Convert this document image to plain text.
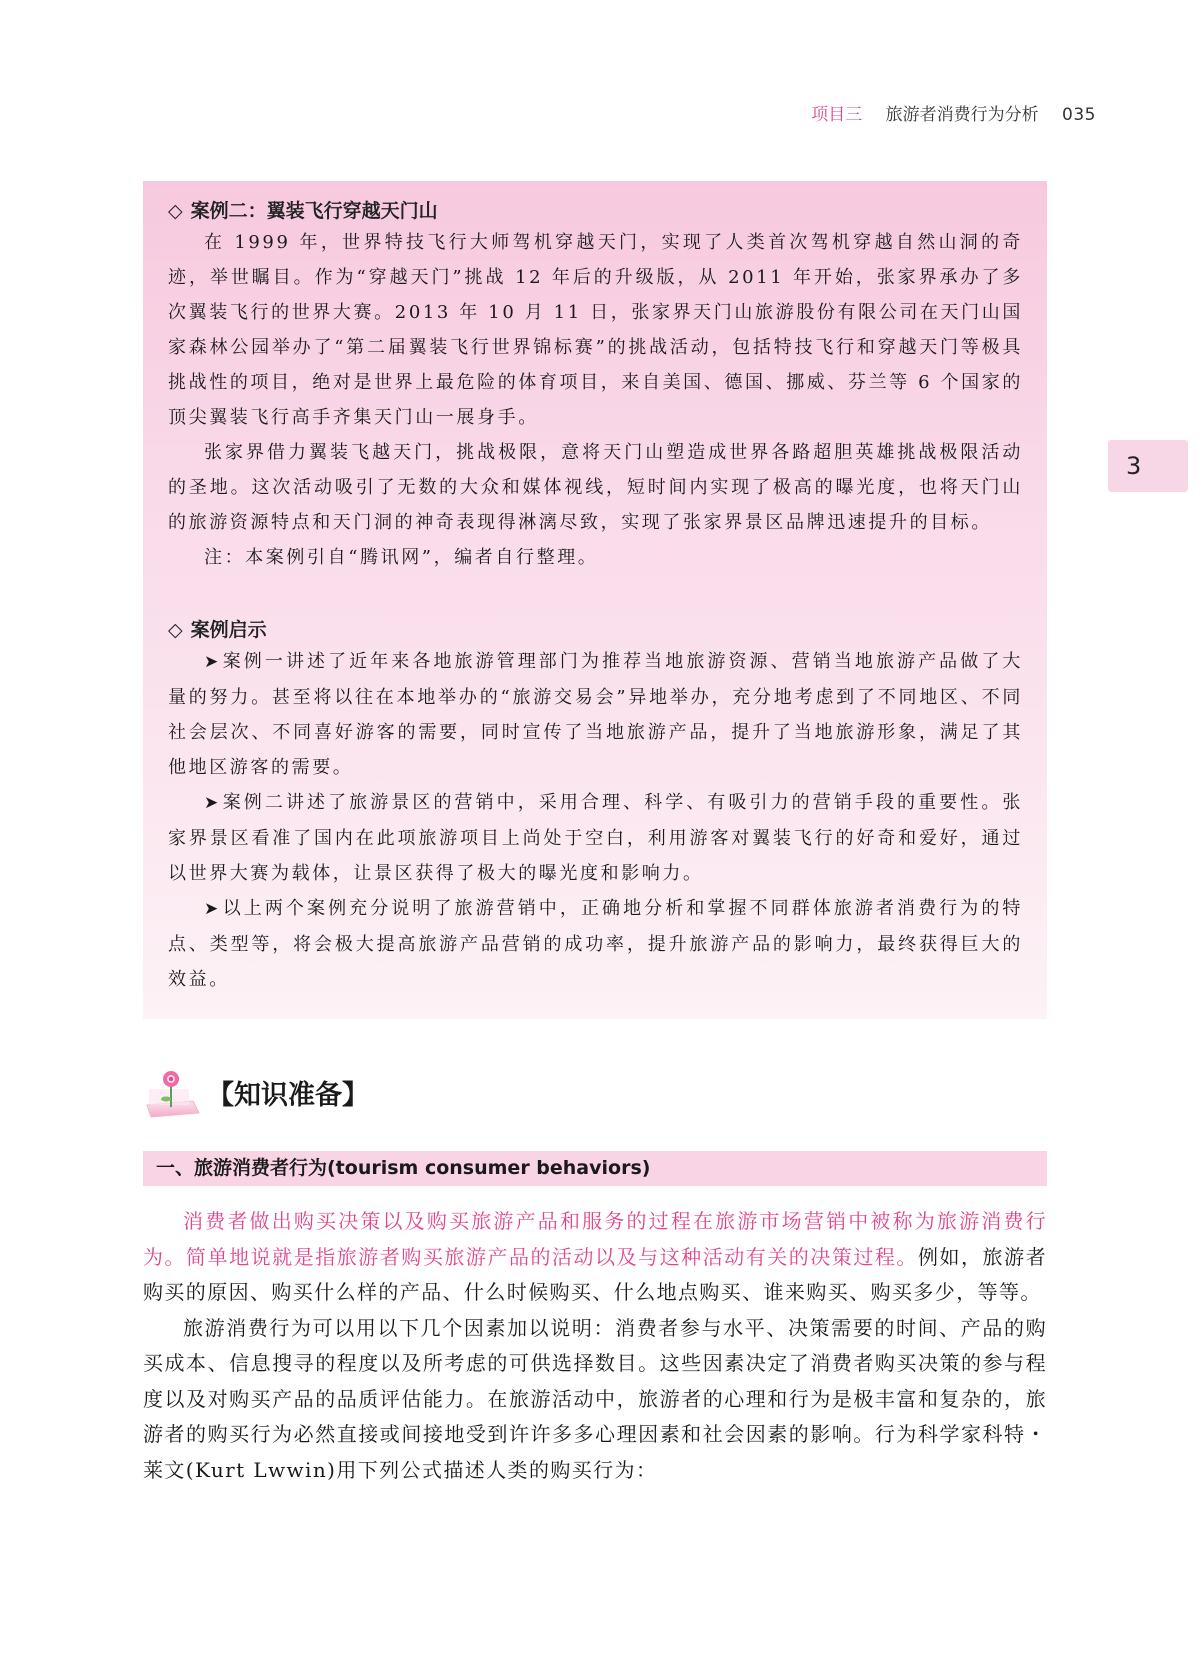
项目三 旅游者消费行为分析 035
3
◇ 案例二：翼装飞行穿越天门山

在 1999 年，世界特技飞行大师驾机穿越天门，实现了人类首次驾机穿越自然山洞的奇迹，举世瞩目。作为“穿越天门”挑战 12 年后的升级版，从 2011 年开始，张家界承办了多次翼装飞行的世界大赛。2013 年 10 月 11 日，张家界天门山旅游股份有限公司在天门山国家森林公园举办了“第二届翼装飞行世界锦标赛”的挑战活动，包括特技飞行和穿越天门等极具挑战性的项目，绝对是世界上最危险的体育项目，来自美国、德国、挪威、芬兰等 6 个国家的顶尖翼装飞行高手齐集天门山一展身手。

张家界借力翼装飞越天门，挑战极限，意将天门山塑造成世界各路超胆英雄挑战极限活动的圣地。这次活动吸引了无数的大众和媒体视线，短时间内实现了极高的曝光度，也将天门山的旅游资源特点和天门洞的神奇表现得淋漓尽致，实现了张家界景区品牌迅速提升的目标。

注：本案例引自“腾讯网”，编者自行整理。

◇ 案例启示

➤ 案例一讲述了近年来各地旅游管理部门为推荐当地旅游资源、营销当地旅游产品做了大量的努力。甚至将以往在本地举办的“旅游交易会”异地举办，充分地考虑到了不同地区、不同社会层次、不同喜好游客的需要，同时宣传了当地旅游产品，提升了当地旅游形象，满足了其他地区游客的需要。

➤ 案例二讲述了旅游景区的营销中，采用合理、科学、有吸引力的营销手段的重要性。张家界景区看准了国内在此项旅游项目上尚处于空白，利用游客对翼装飞行的好奇和爱好，通过以世界大赛为载体，让景区获得了极大的曝光度和影响力。

➤ 以上两个案例充分说明了旅游营销中，正确地分析和掌握不同群体旅游者消费行为的特点、类型等，将会极大提高旅游产品营销的成功率，提升旅游产品的影响力，最终获得巨大的效益。

【知识准备】
一、旅游消费者行为(tourism consumer behaviors)

消费者做出购买决策以及购买旅游产品和服务的过程在旅游市场营销中被称为旅游消费行为。简单地说就是指旅游者购买旅游产品的活动以及与这种活动有关的决策过程。例如，旅游者购买的原因、购买什么样的产品、什么时候购买、什么地点购买、谁来购买、购买多少，等等。

旅游消费行为可以用以下几个因素加以说明：消费者参与水平、决策需要的时间、产品的购买成本、信息搜寻的程度以及所考虑的可供选择数目。这些因素决定了消费者购买决策的参与程度以及对购买产品的品质评估能力。在旅游活动中，旅游者的心理和行为是极丰富和复杂的，旅游者的购买行为必然直接或间接地受到许许多多心理因素和社会因素的影响。行为科学家科特・莱文(Kurt Lwwin)用下列公式描述人类的购买行为：
